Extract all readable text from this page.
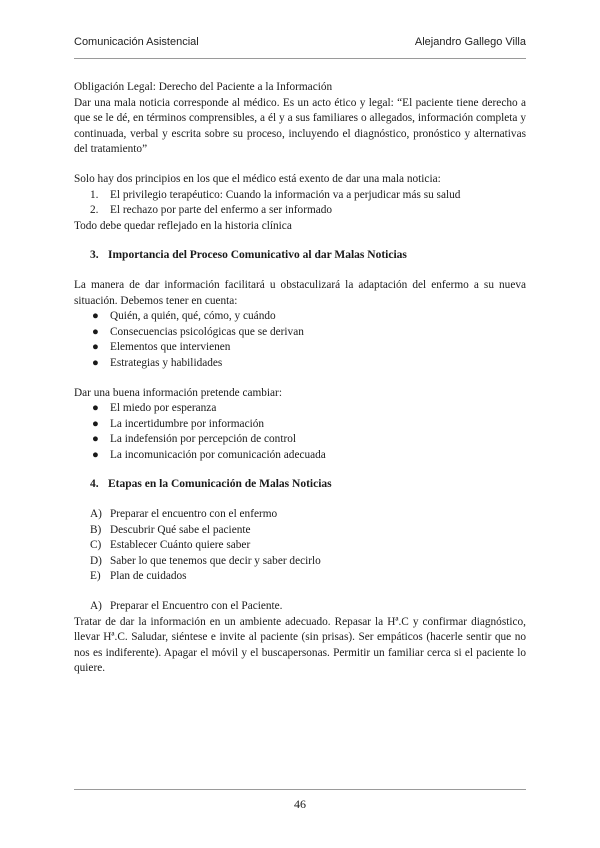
Comunicación Asistencial	Alejandro Gallego Villa

Obligación Legal: Derecho del Paciente a la Información

Dar una mala noticia corresponde al médico. Es un acto ético y legal: “El paciente tiene derecho a que se le dé, en términos comprensibles, a él y a sus familiares o allegados, información completa y continuada, verbal y escrita sobre su proceso, incluyendo el diagnóstico, pronóstico y alternativas del tratamiento”

Solo hay dos principios en los que el médico está exento de dar una mala noticia:

1. El privilegio terapéutico: Cuando la información va a perjudicar más su salud
2. El rechazo por parte del enfermo a ser informado

Todo debe quedar reflejado en la historia clínica

3. Importancia del Proceso Comunicativo al dar Malas Noticias

La manera de dar información facilitará u obstaculizará la adaptación del enfermo a su nueva situación. Debemos tener en cuenta:

● Quién, a quién, qué, cómo, y cuándo
● Consecuencias psicológicas que se derivan
● Elementos que intervienen
● Estrategias y habilidades

Dar una buena información pretende cambiar:

● El miedo por esperanza
● La incertidumbre por información
● La indefensión por percepción de control
● La incomunicación por comunicación adecuada

4. Etapas en la Comunicación de Malas Noticias

A) Preparar el encuentro con el enfermo
B) Descubrir Qué sabe el paciente
C) Establecer Cuánto quiere saber
D) Saber lo que tenemos que decir y saber decirlo
E) Plan de cuidados
A) Preparar el Encuentro con el Paciente.

Tratar de dar la información en un ambiente adecuado. Repasar la Hª.C y confirmar diagnóstico, llevar Hª.C. Saludar, siéntese e invite al paciente (sin prisas). Ser empáticos (hacerle sentir que no nos es indiferente). Apagar el móvil y el buscapersonas. Permitir un familiar cerca si el paciente lo quiere.

46
